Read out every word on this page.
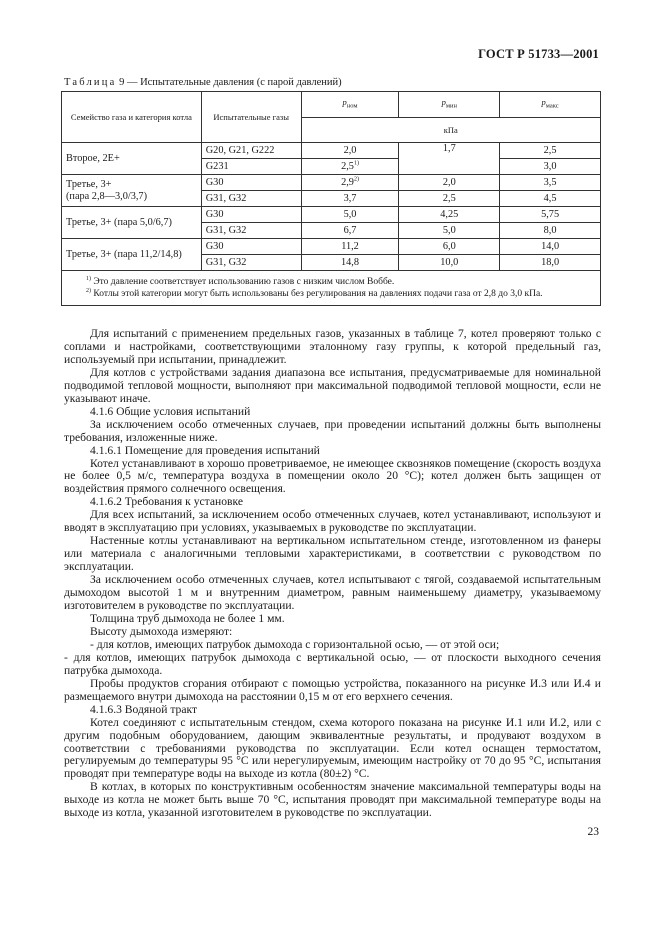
ГОСТ Р 51733—2001
Таблица 9 — Испытательные давления (с парой давлений)
Семейство газа и категория котла	Испытательные газы	$p_{ном}$	$p_{мин}$	$p_{макс}$
		кПа		
Второе, 2Е+	G20, G21, G222	2,0	1,7	2,5
	G231	2,5$^{1)}$		3,0
Третье, 3+
(пара 2,8—3,0/3,7)	G30	2,9$^{2)}$	2,0	3,5
	G31, G32	3,7	2,5	4,5
Третье, 3+ (пара 5,0/6,7)	G30	5,0	4,25	5,75
	G31, G32	6,7	5,0	8,0
Третье, 3+ (пара 11,2/14,8)	G30	11,2	6,0	14,0
	G31, G32	14,8	10,0	18,0

$^{1)}$ Это давление соответствует использованию газов с низким числом Воббе.
$^{2)}$ Котлы этой категории могут быть использованы без регулирования на давлениях подачи газа от 2,8 до 3,0 кПа.				

Для испытаний с применением предельных газов, указанных в таблице 7, котел проверяют только с соплами и настройками, соответствующими эталонному газу группы, к которой предельный газ, используемый при испытании, принадлежит.

Для котлов с устройствами задания диапазона все испытания, предусматриваемые для номинальной подводимой тепловой мощности, выполняют при максимальной подводимой тепловой мощности, если не указывают иначе.

4.1.6 Общие условия испытаний

За исключением особо отмеченных случаев, при проведении испытаний должны быть выполнены требования, изложенные ниже.

4.1.6.1 Помещение для проведения испытаний

Котел устанавливают в хорошо проветриваемое, не имеющее сквозняков помещение (скорость воздуха не более 0,5 м/с, температура воздуха в помещении около 20 °С); котел должен быть защищен от воздействия прямого солнечного освещения.

4.1.6.2 Требования к установке

Для всех испытаний, за исключением особо отмеченных случаев, котел устанавливают, используют и вводят в эксплуатацию при условиях, указываемых в руководстве по эксплуатации.

Настенные котлы устанавливают на вертикальном испытательном стенде, изготовленном из фанеры или материала с аналогичными тепловыми характеристиками, в соответствии с руководством по эксплуатации.

За исключением особо отмеченных случаев, котел испытывают с тягой, создаваемой испытательным дымоходом высотой 1 м и внутренним диаметром, равным наименьшему диаметру, указываемому изготовителем в руководстве по эксплуатации.

Толщина труб дымохода не более 1 мм.

Высоту дымохода измеряют:

- для котлов, имеющих патрубок дымохода с горизонтальной осью, — от этой оси;

- для котлов, имеющих патрубок дымохода с вертикальной осью, — от плоскости выходного сечения патрубка дымохода.

Пробы продуктов сгорания отбирают с помощью устройства, показанного на рисунке И.3 или И.4 и размещаемого внутри дымохода на расстоянии 0,15 м от его верхнего сечения.

4.1.6.3 Водяной тракт

Котел соединяют с испытательным стендом, схема которого показана на рисунке И.1 или И.2, или с другим подобным оборудованием, дающим эквивалентные результаты, и продувают воздухом в соответствии с требованиями руководства по эксплуатации. Если котел оснащен термостатом, регулируемым до температуры 95 °С или нерегулируемым, имеющим настройку от 70 до 95 °С, испытания проводят при температуре воды на выходе из котла (80±2) °С.

В котлах, в которых по конструктивным особенностям значение максимальной температуры воды на выходе из котла не может быть выше 70 °С, испытания проводят при максимальной температуре воды на выходе из котла, указанной изготовителем в руководстве по эксплуатации.

23
